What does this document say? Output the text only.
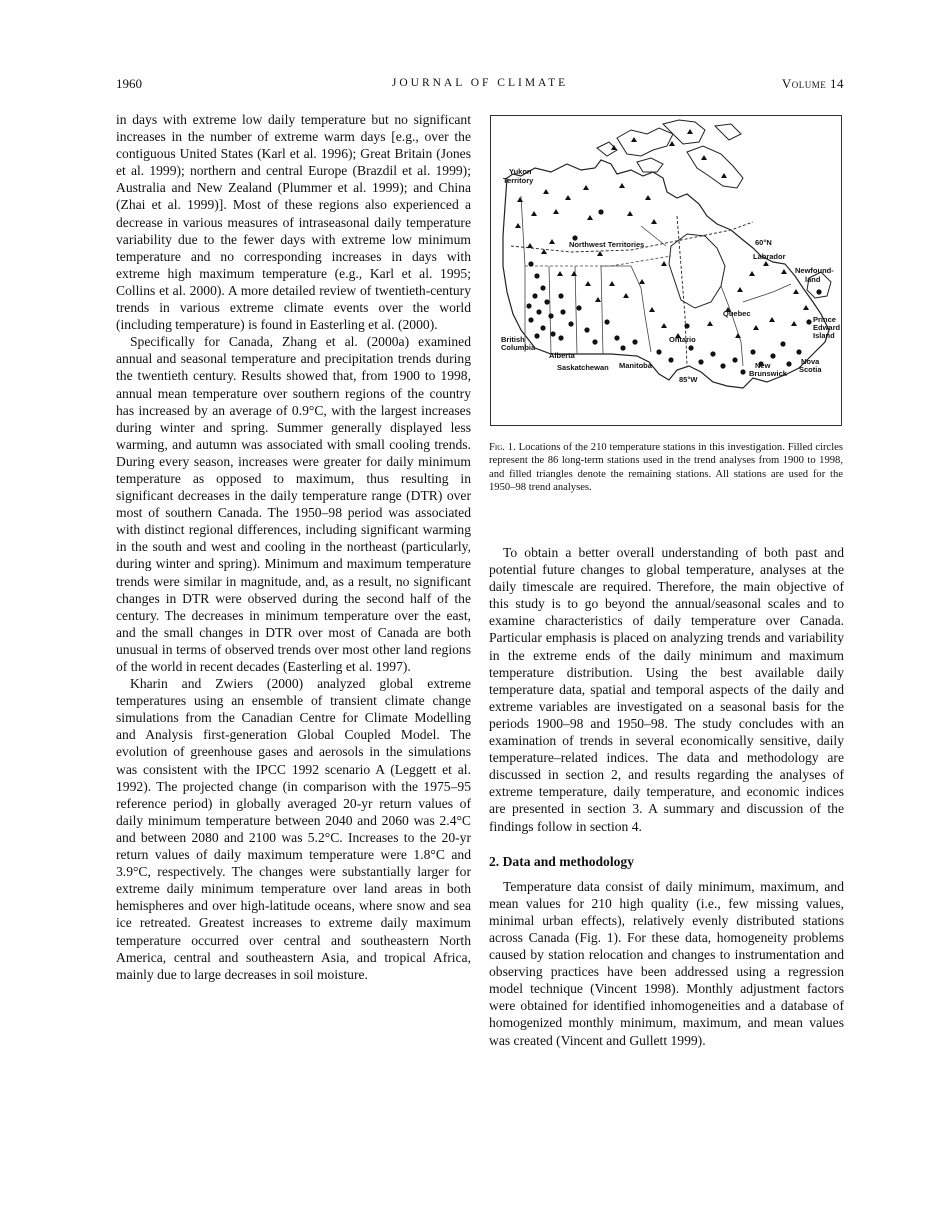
1960	JOURNAL OF CLIMATE	Volume 14

in days with extreme low daily temperature but no significant increases in the number of extreme warm days [e.g., over the contiguous United States (Karl et al. 1996); Great Britain (Jones et al. 1999); northern and central Europe (Brazdil et al. 1999); Australia and New Zealand (Plummer et al. 1999); and China (Zhai et al. 1999)]. Most of these regions also experienced a decrease in various measures of intraseasonal daily temperature variability due to the fewer days with extreme low minimum temperature and no corresponding increases in days with extreme high maximum temperature (e.g., Karl et al. 1995; Collins et al. 2000). A more detailed review of twentieth-century trends in various extreme climate events over the world (including temperature) is found in Easterling et al. (2000).

Specifically for Canada, Zhang et al. (2000a) examined annual and seasonal temperature and precipitation trends during the twentieth century. Results showed that, from 1900 to 1998, annual mean temperature over southern regions of the country has increased by an average of 0.9°C, with the largest increases during winter and spring. Summer generally displayed less warming, and autumn was associated with small cooling trends. During every season, increases were greater for daily minimum temperature as opposed to maximum, thus resulting in significant decreases in the daily temperature range (DTR) over most of southern Canada. The 1950–98 period was associated with distinct regional differences, including significant warming in the south and west and cooling in the northeast (particularly, during winter and spring). Minimum and maximum temperature trends were similar in magnitude, and, as a result, no significant changes in DTR were observed during the second half of the century. The decreases in minimum temperature over the east, and the small changes in DTR over most of Canada are both unusual in terms of observed trends over most other land regions of the world in recent decades (Easterling et al. 1997).

Kharin and Zwiers (2000) analyzed global extreme temperatures using an ensemble of transient climate change simulations from the Canadian Centre for Climate Modelling and Analysis first-generation Global Coupled Model. The evolution of greenhouse gases and aerosols in the simulations was consistent with the IPCC 1992 scenario A (Leggett et al. 1992). The projected change (in comparison with the 1975–95 reference period) in globally averaged 20-yr return values of daily minimum temperature between 2040 and 2060 was 2.4°C and between 2080 and 2100 was 5.2°C. Increases to the 20-yr return values of daily maximum temperature were 1.8°C and 3.9°C, respectively. The changes were substantially larger for extreme daily minimum temperature over land areas in both hemispheres and over high-latitude oceans, where snow and sea ice retreated. Greatest increases to extreme daily maximum temperature occurred over central and southeastern North America, central and southeastern Asia, and tropical Africa, mainly due to large decreases in soil moisture.

Yukon
Territory
Northwest Territories	60°N
Labrador
Newfound-
land
Quebec
Prince
Edward
Island
British
Columbia
Alberta
Ontario
Saskatchewan Manitoba	New
Brunswick
Nova
Scotia
85°W
Fig. 1. Locations of the 210 temperature stations in this investigation. Filled circles represent the 86 long-term stations used in the trend analyses from 1900 to 1998, and filled triangles denote the remaining stations. All stations are used for the 1950–98 trend analyses.

To obtain a better overall understanding of both past and potential future changes to global temperature, analyses at the daily timescale are required. Therefore, the main objective of this study is to go beyond the annual/seasonal scales and to examine characteristics of daily temperature over Canada. Particular emphasis is placed on analyzing trends and variability in the extreme ends of the daily minimum and maximum temperature distribution. Using the best available daily temperature data, spatial and temporal aspects of the daily and extreme variables are investigated on a seasonal basis for the periods 1900–98 and 1950–98. The study concludes with an examination of trends in several economically sensitive, daily temperature–related indices. The data and methodology are discussed in section 2, and results regarding the analyses of extreme temperature, daily temperature, and economic indices are presented in section 3. A summary and discussion of the findings follow in section 4.

2. Data and methodology

Temperature data consist of daily minimum, maximum, and mean values for 210 high quality (i.e., few missing values, minimal urban effects), relatively evenly distributed stations across Canada (Fig. 1). For these data, homogeneity problems caused by station relocation and changes to instrumentation and observing practices have been addressed using a regression model technique (Vincent 1998). Monthly adjustment factors were obtained for identified inhomogeneities and a database of homogenized monthly minimum, maximum, and mean values was created (Vincent and Gullett 1999).
